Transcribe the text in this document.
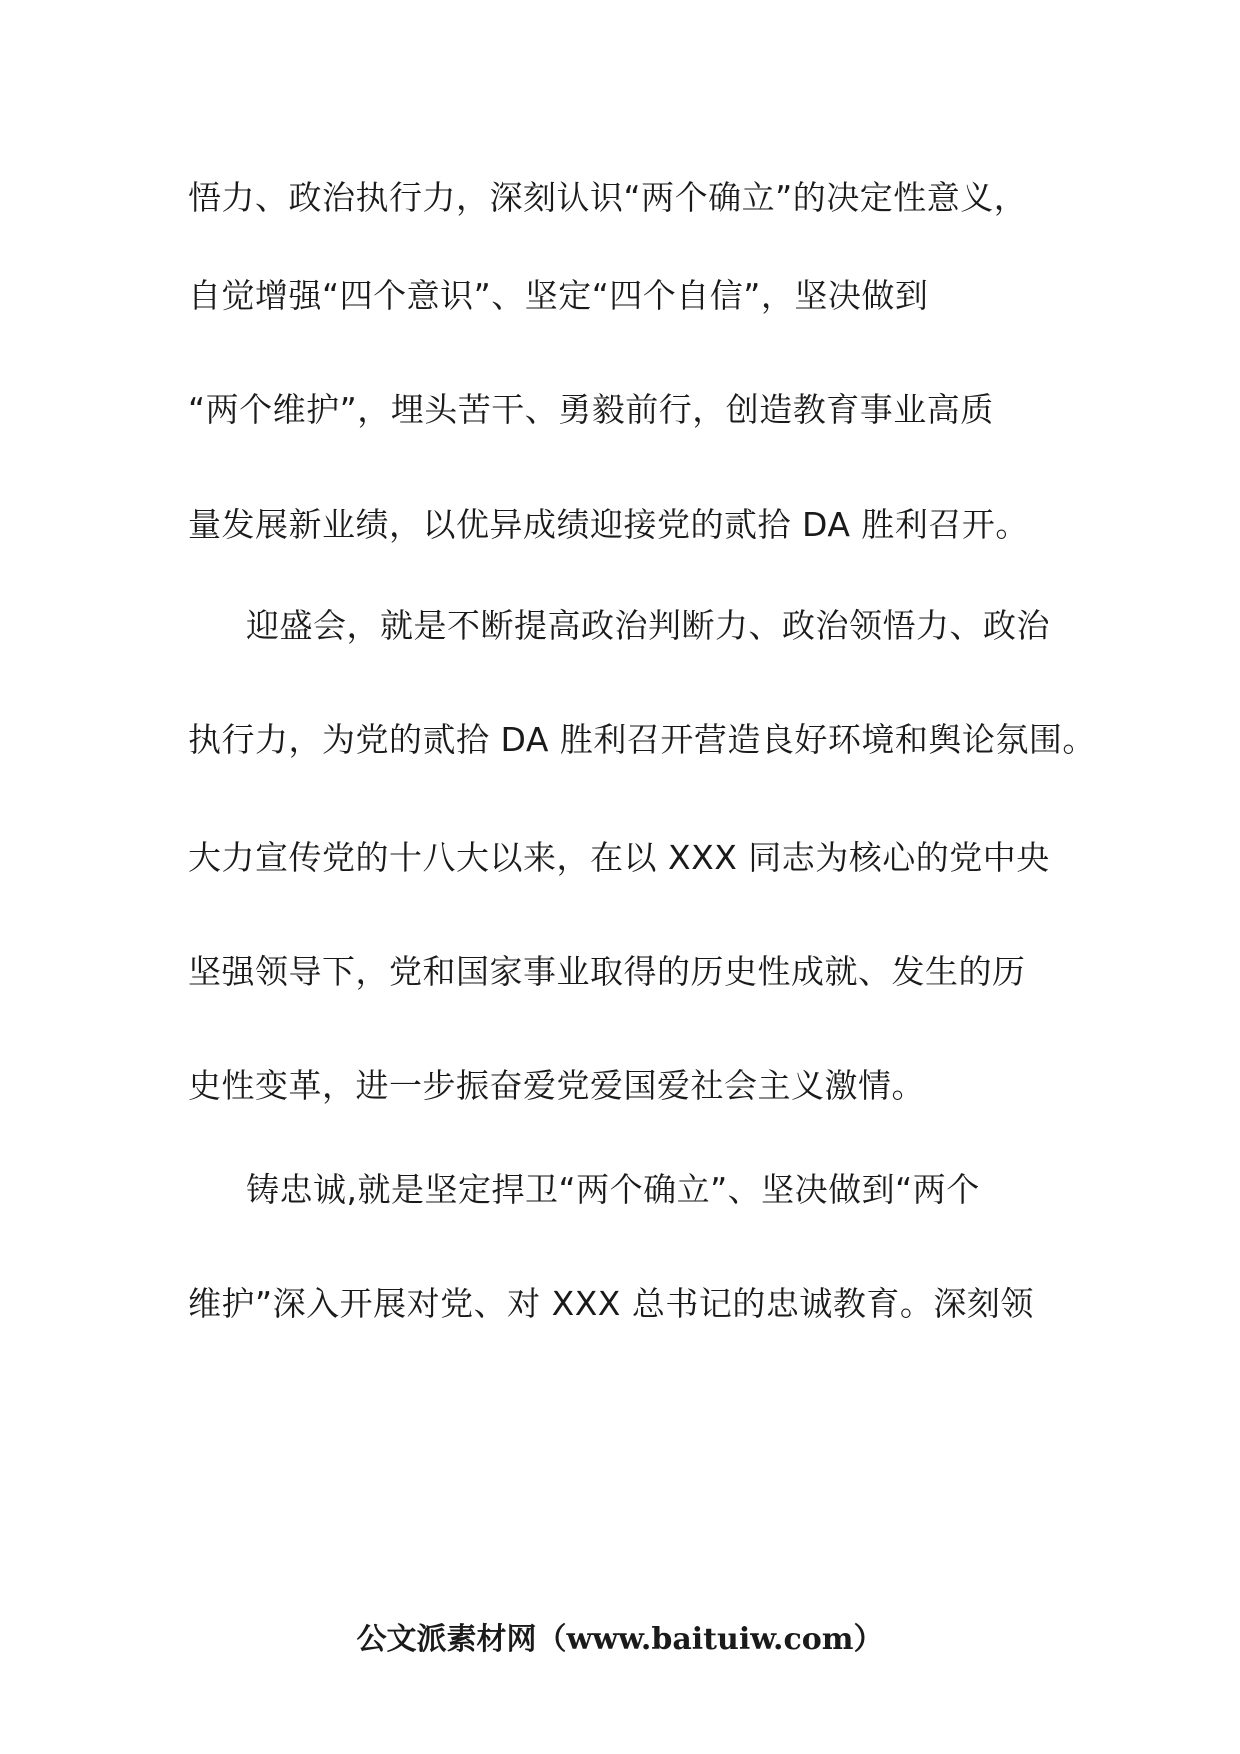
悟力、政治执行力，深刻认识“两个确立”的决定性意义，
自觉增强“四个意识”、坚定“四个自信”，坚决做到
“两个维护”，埋头苦干、勇毅前行，创造教育事业高质
量发展新业绩，以优异成绩迎接党的贰拾 DA 胜利召开。
迎盛会，就是不断提高政治判断力、政治领悟力、政治
执行力，为党的贰拾 DA 胜利召开营造良好环境和舆论氛围。
大力宣传党的十八大以来，在以 XXX 同志为核心的党中央
坚强领导下，党和国家事业取得的历史性成就、发生的历
史性变革，进一步振奋爱党爱国爱社会主义激情。
铸忠诚,就是坚定捍卫“两个确立”、坚决做到“两个
维护”深入开展对党、对 XXX 总书记的忠诚教育。深刻领
公文派素材网（www.baituiw.com）
